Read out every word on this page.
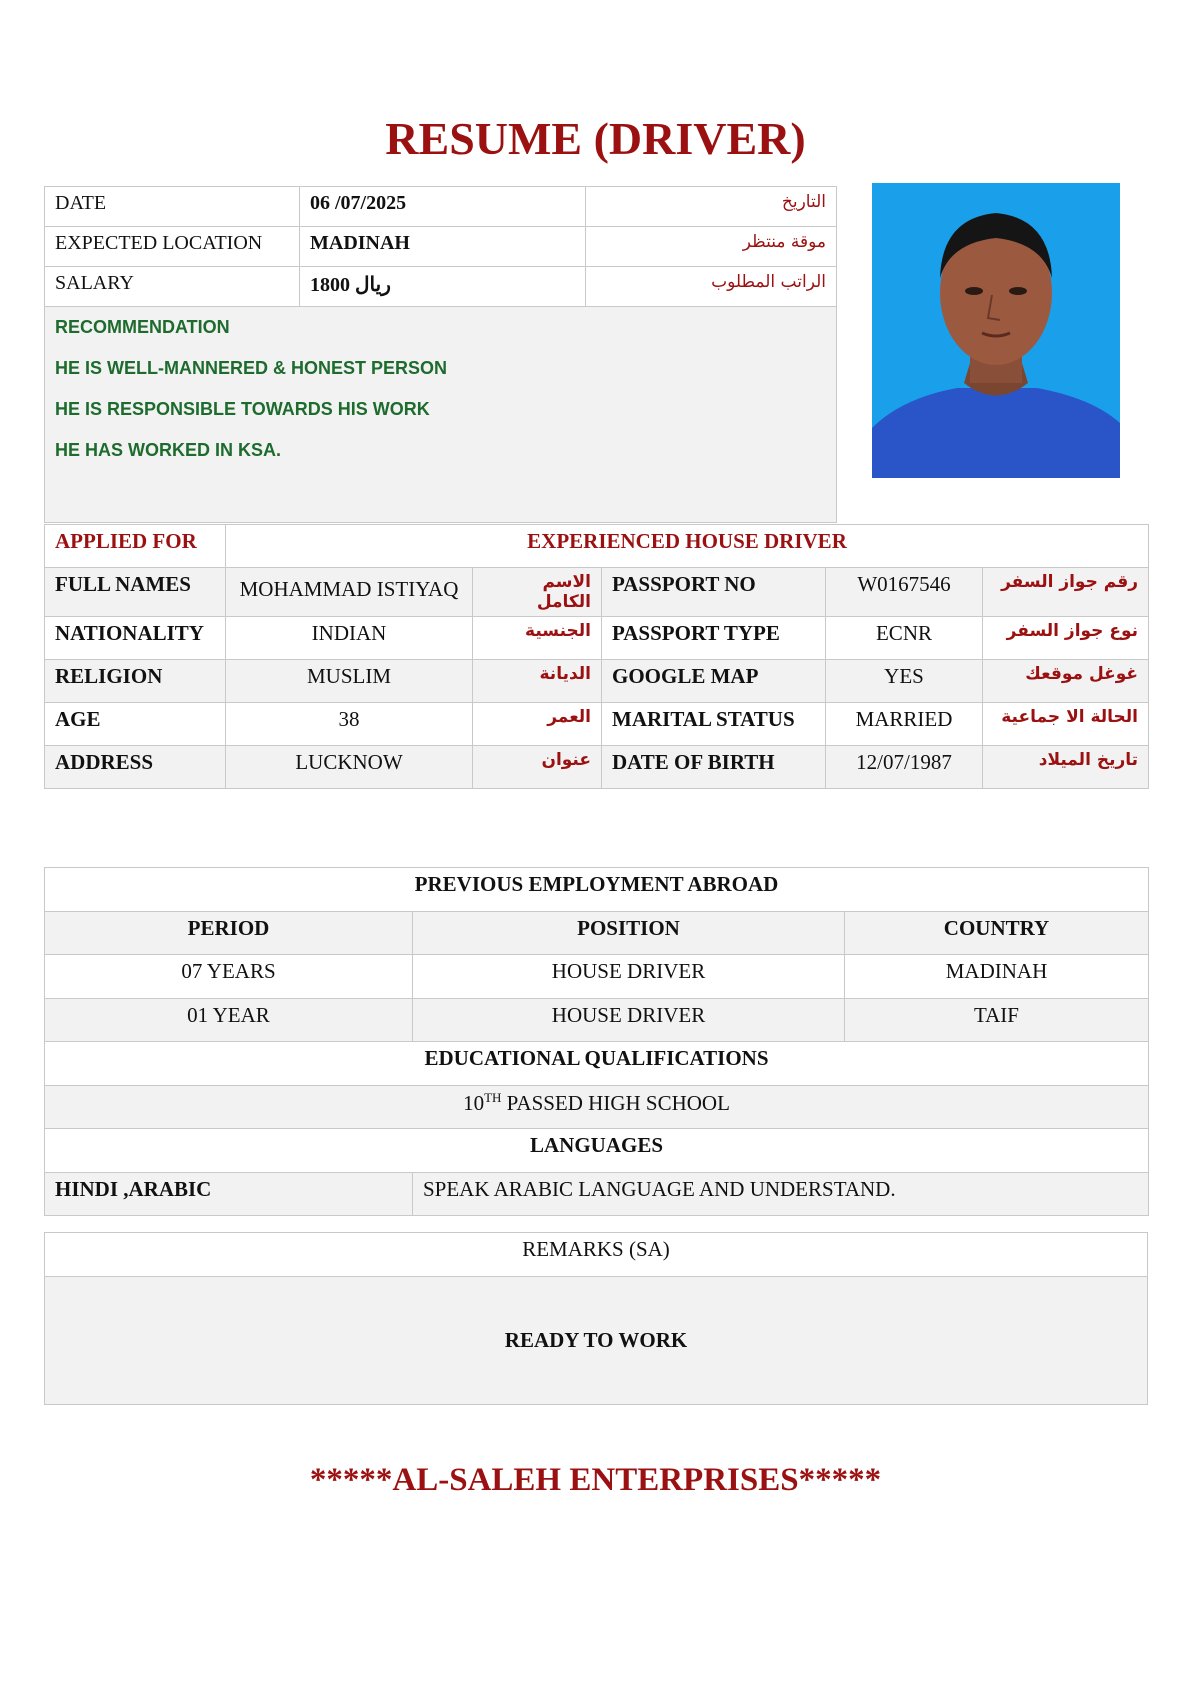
RESUME (DRIVER)
DATE	06 /07/2025	التاريخ
EXPECTED LOCATION	MADINAH	موقة منتظر
SALARY	1800 ريال	الراتب المطلوب

RECOMMENDATION
HE IS WELL-MANNERED & HONEST PERSON
HE IS RESPONSIBLE TOWARDS HIS WORK
HE HAS WORKED IN KSA.		
APPLIED FOR	EXPERIENCED HOUSE DRIVER				
FULL NAMES	MOHAMMAD ISTIYAQ	الاسم الكامل	PASSPORT NO	W0167546	رقم جواز السفر
NATIONALITY	INDIAN	الجنسية	PASSPORT TYPE	ECNR	نوع جواز السفر
RELIGION	MUSLIM	الديانة	GOOGLE MAP	YES	غوغل موقعك
AGE	38	العمر	MARITAL STATUS	MARRIED	الحالة الا جماعية
ADDRESS	LUCKNOW	عنوان	DATE OF BIRTH	12/07/1987	تاريخ الميلاد
PREVIOUS EMPLOYMENT ABROAD		
PERIOD	POSITION	COUNTRY
07 YEARS	HOUSE DRIVER	MADINAH
01 YEAR	HOUSE DRIVER	TAIF
EDUCATIONAL QUALIFICATIONS		
10TH PASSED HIGH SCHOOL		
LANGUAGES		
HINDI ,ARABIC	SPEAK ARABIC LANGUAGE AND UNDERSTAND.	
REMARKS (SA)
READY TO WORK
*****AL-SALEH ENTERPRISES*****
